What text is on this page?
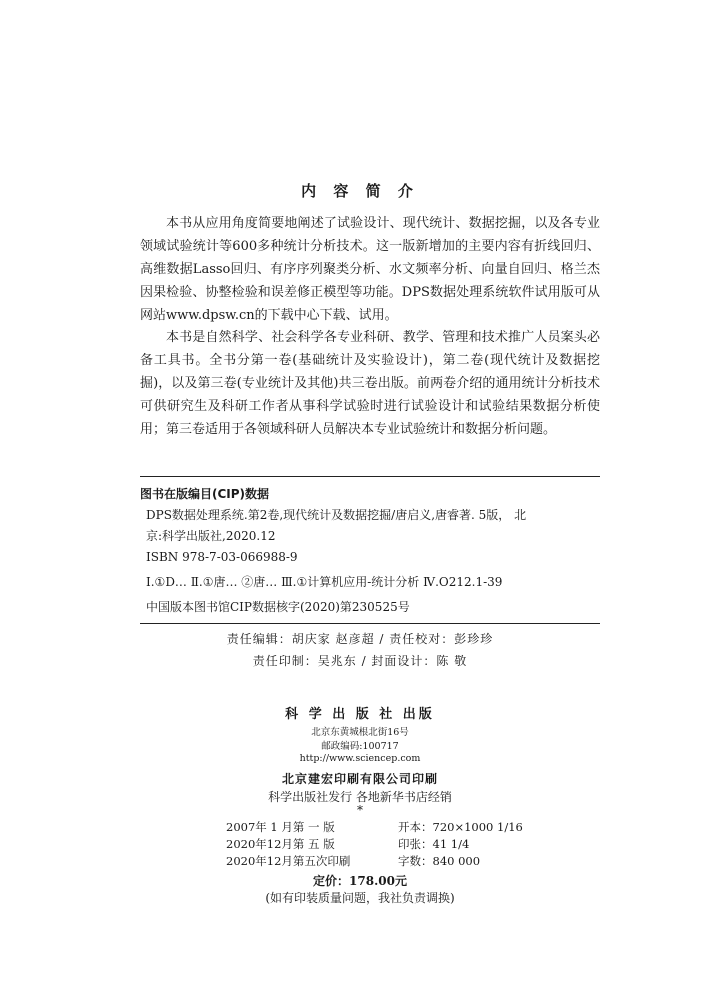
内 容 简 介

本书从应用角度简要地阐述了试验设计、现代统计、数据挖掘，以及各专业领域试验统计等600多种统计分析技术。这一版新增加的主要内容有折线回归、高维数据Lasso回归、有序序列聚类分析、水文频率分析、向量自回归、格兰杰因果检验、协整检验和误差修正模型等功能。DPS数据处理系统软件试用版可从网站www.dpsw.cn的下载中心下载、试用。

本书是自然科学、社会科学各专业科研、教学、管理和技术推广人员案头必备工具书。全书分第一卷(基础统计及实验设计)，第二卷(现代统计及数据挖掘)，以及第三卷(专业统计及其他)共三卷出版。前两卷介绍的通用统计分析技术可供研究生及科研工作者从事科学试验时进行试验设计和试验结果数据分析使用；第三卷适用于各领域科研人员解决本专业试验统计和数据分析问题。

图书在版编目(CIP)数据
DPS数据处理系统.第2卷,现代统计及数据挖掘/唐启义,唐睿著. 5版， 北
京:科学出版社,2020.12
ISBN 978-7-03-066988-9
Ⅰ.①D… Ⅱ.①唐… ②唐… Ⅲ.①计算机应用-统计分析 Ⅳ.O212.1-39
中国版本图书馆CIP数据核字(2020)第230525号
责任编辑：胡庆家 赵彦超 / 责任校对：彭珍珍
责任印制：吴兆东 / 封面设计：陈 敬
科 学 出 版 社 出版
北京东黄城根北街16号
邮政编码:100717
http://www.sciencep.com
北京建宏印刷有限公司印刷
科学出版社发行 各地新华书店经销
*
2007年 1 月第 一 版	开本：720×1000 1/16
2020年12月第 五 版	印张：41 1/4
2020年12月第五次印刷	字数：840 000
定价：178.00元
(如有印装质量问题，我社负责调换)
